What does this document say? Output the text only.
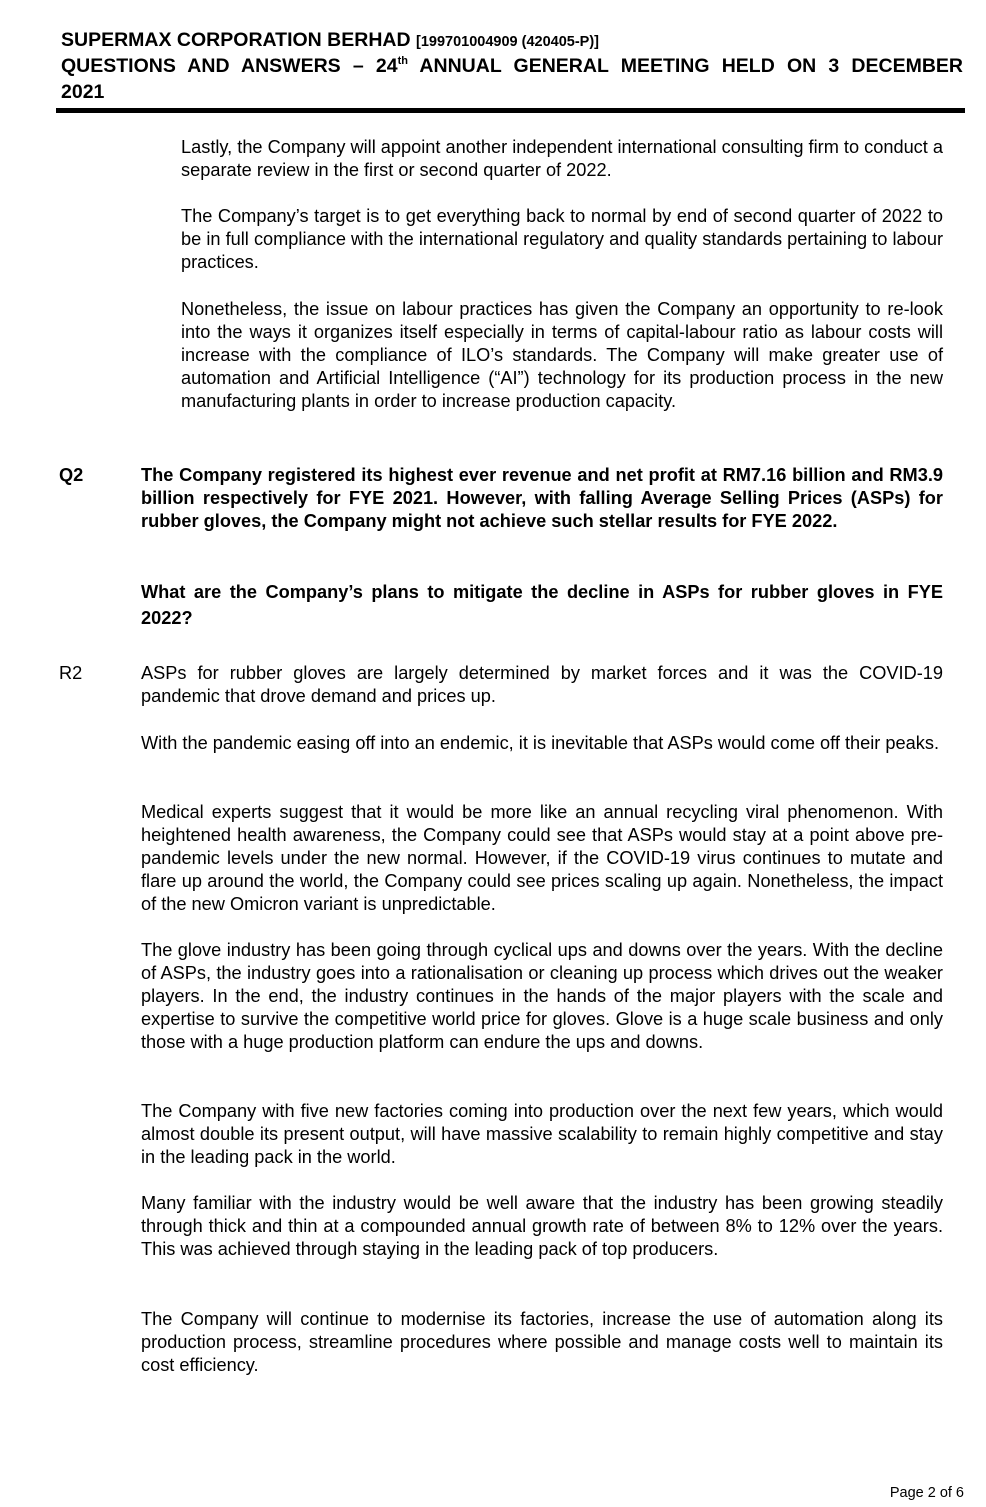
SUPERMAX CORPORATION BERHAD [199701004909 (420405-P)]

QUESTIONS AND ANSWERS – 24th ANNUAL GENERAL MEETING HELD ON 3 DECEMBER

2021

Lastly, the Company will appoint another independent international consulting firm to conduct a separate review in the first or second quarter of 2022.

The Company’s target is to get everything back to normal by end of second quarter of 2022 to be in full compliance with the international regulatory and quality standards pertaining to labour practices.

Nonetheless, the issue on labour practices has given the Company an opportunity to re-look into the ways it organizes itself especially in terms of capital-labour ratio as labour costs will increase with the compliance of ILO’s standards. The Company will make greater use of automation and Artificial Intelligence (“AI”) technology for its production process in the new manufacturing plants in order to increase production capacity.

Q2	The Company registered its highest ever revenue and net profit at RM7.16 billion and RM3.9 billion respectively for FYE 2021. However, with falling Average Selling Prices (ASPs) for rubber gloves, the Company might not achieve such stellar results for FYE 2022.

What are the Company’s plans to mitigate the decline in ASPs for rubber gloves in FYE 2022?

R2	ASPs for rubber gloves are largely determined by market forces and it was the COVID-19 pandemic that drove demand and prices up.

With the pandemic easing off into an endemic, it is inevitable that ASPs would come off their peaks.

Medical experts suggest that it would be more like an annual recycling viral phenomenon. With heightened health awareness, the Company could see that ASPs would stay at a point above pre-pandemic levels under the new normal. However, if the COVID-19 virus continues to mutate and flare up around the world, the Company could see prices scaling up again. Nonetheless, the impact of the new Omicron variant is unpredictable.

The glove industry has been going through cyclical ups and downs over the years. With the decline of ASPs, the industry goes into a rationalisation or cleaning up process which drives out the weaker players. In the end, the industry continues in the hands of the major players with the scale and expertise to survive the competitive world price for gloves. Glove is a huge scale business and only those with a huge production platform can endure the ups and downs.

The Company with five new factories coming into production over the next few years, which would almost double its present output, will have massive scalability to remain highly competitive and stay in the leading pack in the world.

Many familiar with the industry would be well aware that the industry has been growing steadily through thick and thin at a compounded annual growth rate of between 8% to 12% over the years. This was achieved through staying in the leading pack of top producers.

The Company will continue to modernise its factories, increase the use of automation along its production process, streamline procedures where possible and manage costs well to maintain its cost efficiency.

Page 2 of 6
